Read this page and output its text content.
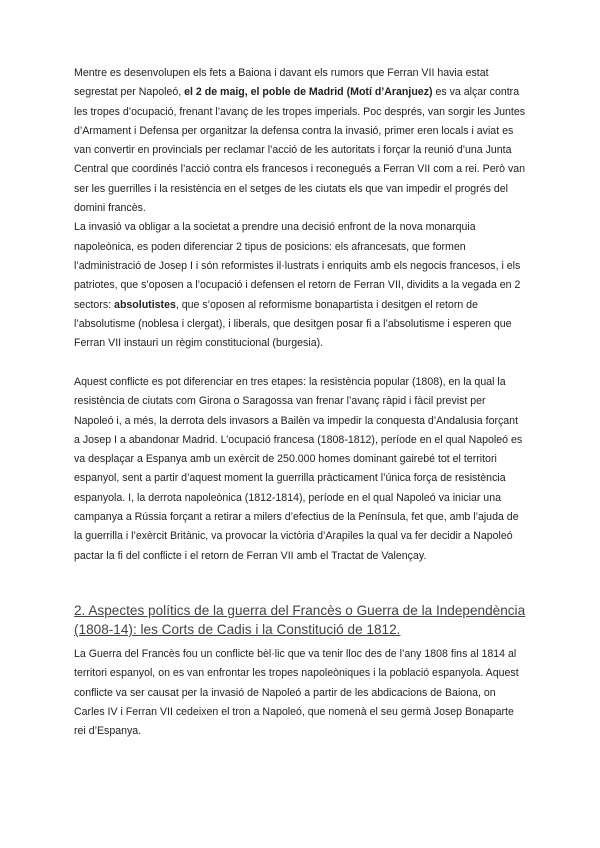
Mentre es desenvolupen els fets a Baiona i davant els rumors que Ferran VII havia estat segrestat per Napoleó, el 2 de maig, el poble de Madrid (Motí d’Aranjuez) es va alçar contra les tropes d’ocupació, frenant l’avanç de les tropes imperials. Poc després, van sorgir les Juntes d’Armament i Defensa per organitzar la defensa contra la invasió, primer eren locals i aviat es van convertir en provincials per reclamar l’acció de les autoritats i forçar la reunió d’una Junta Central que coordinés l’acció contra els francesos i reconegués a Ferran VII com a rei. Però van ser les guerrilles i la resistència en el setges de les ciutats els que van impedir el progrés del domini francès.

La invasió va obligar a la societat a prendre una decisió enfront de la nova monarquia napoleònica, es poden diferenciar 2 tipus de posicions: els afrancesats, que formen l’administració de Josep I i són reformistes il·lustrats i enriquits amb els negocis francesos, i els patriotes, que s’oposen a l’ocupació i defensen el retorn de Ferran VII, dividits a la vegada en 2 sectors: absolutistes, que s’oposen al reformisme bonapartista i desitgen el retorn de l’absolutisme (noblesa i clergat), i liberals, que desitgen posar fi a l’absolutisme i esperen que Ferran VII instauri un règim constitucional (burgesia).

Aquest conflicte es pot diferenciar en tres etapes: la resistència popular (1808), en la qual la resistència de ciutats com Girona o Saragossa van frenar l’avanç ràpid i fàcil previst per Napoleó i, a més, la derrota dels invasors a Bailèn va impedir la conquesta d’Andalusia forçant a Josep I a abandonar Madrid. L’ocupació francesa (1808-1812), període en el qual Napoleó es va desplaçar a Espanya amb un exèrcit de 250.000 homes dominant gairebé tot el territori espanyol, sent a partir d’aquest moment la guerrilla pràcticament l’única força de resistència espanyola. I, la derrota napoleònica (1812-1814), període en el qual Napoleó va iniciar una campanya a Rússia forçant a retirar a milers d’efectius de la Península, fet que, amb l’ajuda de la guerrilla i l’exèrcit Britànic, va provocar la victòria d’Arapiles la qual va fer decidir a Napoleó pactar la fi del conflicte i el retorn de Ferran VII amb el Tractat de Valençay.

2. Aspectes polítics de la guerra del Francès o Guerra de la Independència (1808-14): les Corts de Cadis i la Constitució de 1812.

La Guerra del Francès fou un conflicte bèl·lic que va tenir lloc des de l’any 1808 fins al 1814 al territori espanyol, on es van enfrontar les tropes napoleòniques i la població espanyola. Aquest conflicte va ser causat per la invasió de Napoleó a partir de les abdicacions de Baiona, on Carles IV i Ferran VII cedeixen el tron a Napoleó, que nomenà el seu germà Josep Bonaparte rei d’Espanya.
